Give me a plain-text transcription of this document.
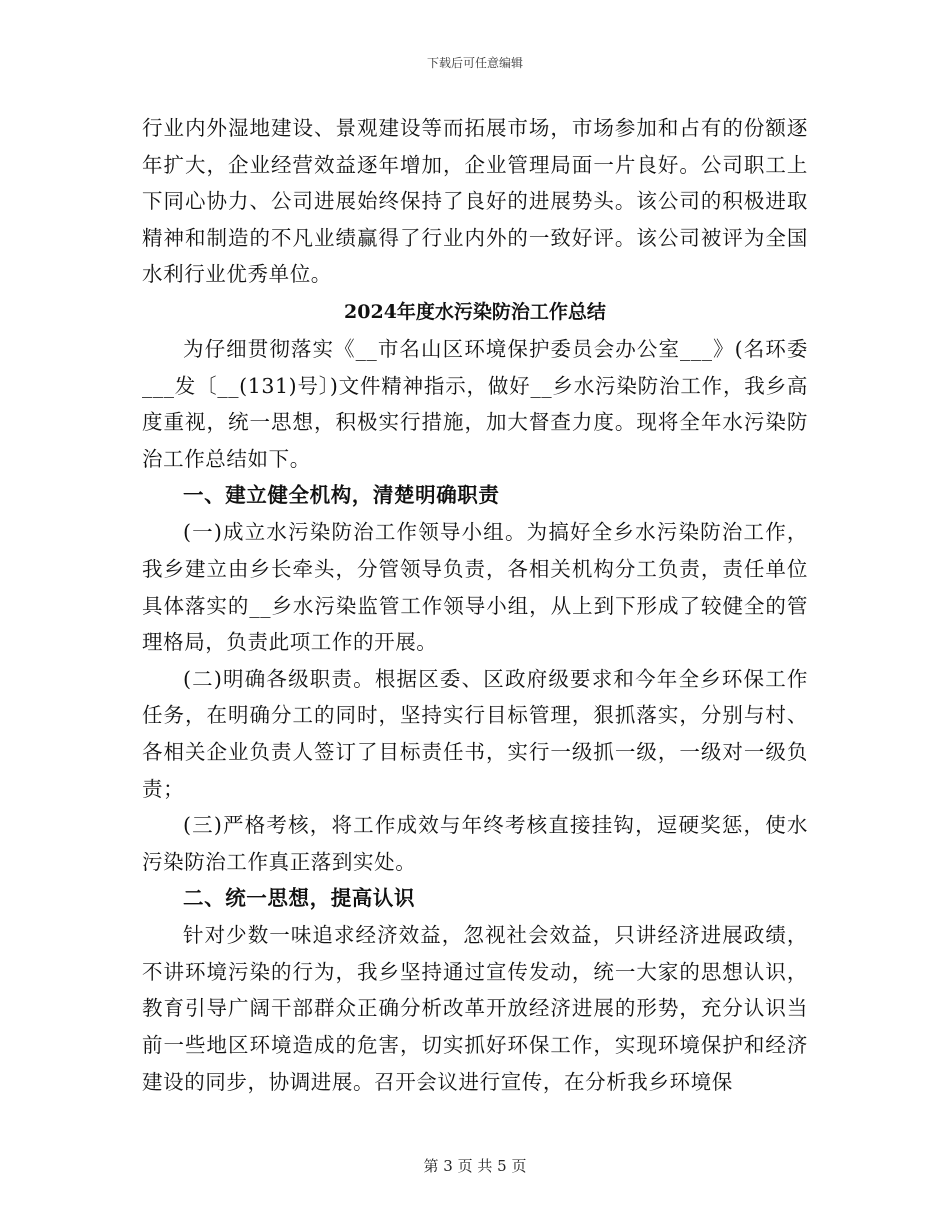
下载后可任意编辑

行业内外湿地建设、景观建设等而拓展市场，市场参加和占有的份额逐年扩大，企业经营效益逐年增加，企业管理局面一片良好。公司职工上下同心协力、公司进展始终保持了良好的进展势头。该公司的积极进取精神和制造的不凡业绩赢得了行业内外的一致好评。该公司被评为全国水利行业优秀单位。

2024年度水污染防治工作总结

为仔细贯彻落实《__市名山区环境保护委员会办公室___》(名环委___发〔__(131)号〕)文件精神指示，做好__乡水污染防治工作，我乡高度重视，统一思想，积极实行措施，加大督查力度。现将全年水污染防治工作总结如下。

一、建立健全机构，清楚明确职责

(一)成立水污染防治工作领导小组。为搞好全乡水污染防治工作，我乡建立由乡长牵头，分管领导负责，各相关机构分工负责，责任单位具体落实的__乡水污染监管工作领导小组，从上到下形成了较健全的管理格局，负责此项工作的开展。

(二)明确各级职责。根据区委、区政府级要求和今年全乡环保工作任务，在明确分工的同时，坚持实行目标管理，狠抓落实，分别与村、各相关企业负责人签订了目标责任书，实行一级抓一级，一级对一级负责；

(三)严格考核，将工作成效与年终考核直接挂钩，逗硬奖惩，使水污染防治工作真正落到实处。

二、统一思想，提高认识

针对少数一味追求经济效益，忽视社会效益，只讲经济进展政绩，不讲环境污染的行为，我乡坚持通过宣传发动，统一大家的思想认识，教育引导广阔干部群众正确分析改革开放经济进展的形势，充分认识当前一些地区环境造成的危害，切实抓好环保工作，实现环境保护和经济建设的同步，协调进展。召开会议进行宣传，在分析我乡环境保

第 3 页 共 5 页
